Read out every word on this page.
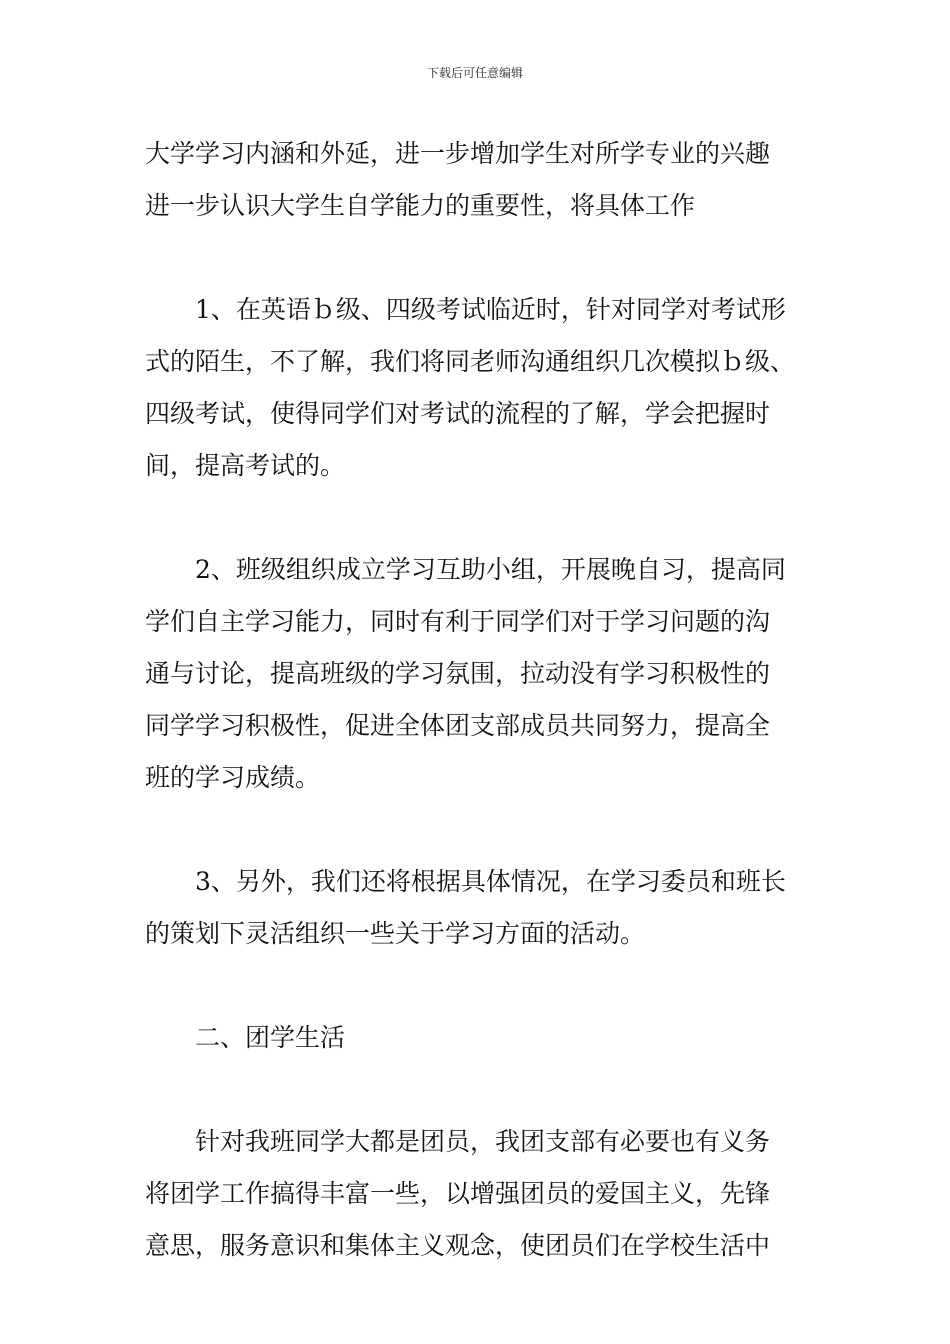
下载后可任意编辑
大学学习内涵和外延，进一步增加学生对所学专业的兴趣
进一步认识大学生自学能力的重要性，将具体工作
1、在英语ｂ级、四级考试临近时，针对同学对考试形
式的陌生，不了解，我们将同老师沟通组织几次模拟ｂ级、
四级考试，使得同学们对考试的流程的了解，学会把握时
间，提高考试的。
2、班级组织成立学习互助小组，开展晚自习，提高同
学们自主学习能力，同时有利于同学们对于学习问题的沟
通与讨论，提高班级的学习氛围，拉动没有学习积极性的
同学学习积极性，促进全体团支部成员共同努力，提高全
班的学习成绩。
3、另外，我们还将根据具体情况，在学习委员和班长
的策划下灵活组织一些关于学习方面的活动。
二、团学生活
针对我班同学大都是团员，我团支部有必要也有义务
将团学工作搞得丰富一些，以增强团员的爱国主义，先锋
意思，服务意识和集体主义观念，使团员们在学校生活中
